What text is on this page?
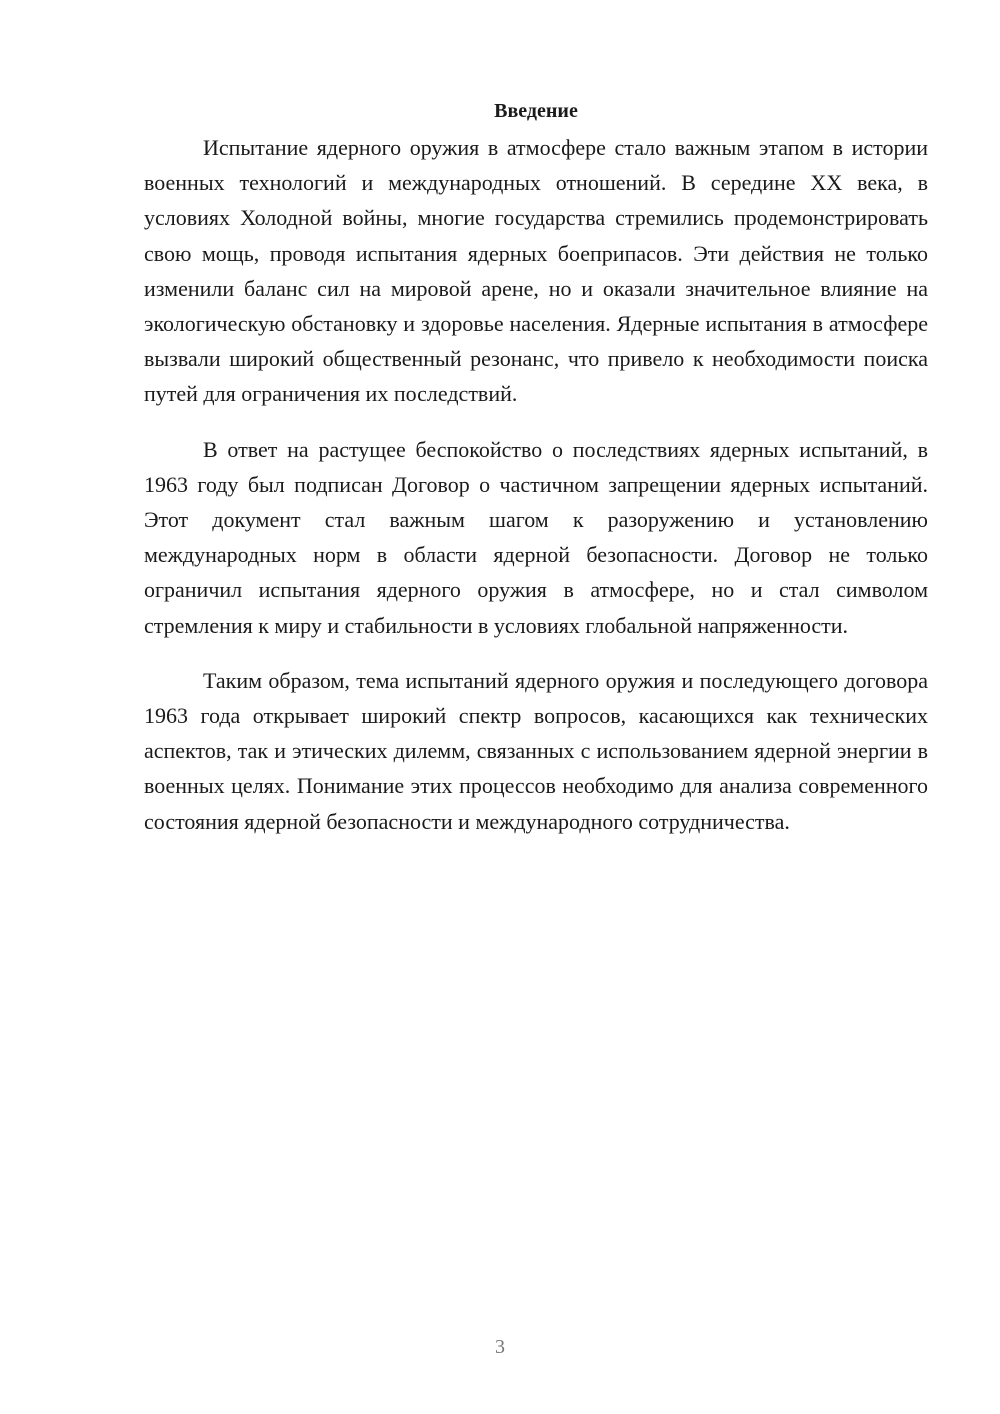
Введение

Испытание ядерного оружия в атмосфере стало важным этапом в истории военных технологий и международных отношений. В середине XX века, в условиях Холодной войны, многие государства стремились продемонстрировать свою мощь, проводя испытания ядерных боеприпасов. Эти действия не только изменили баланс сил на мировой арене, но и оказали значительное влияние на экологическую обстановку и здоровье населения. Ядерные испытания в атмосфере вызвали широкий общественный резонанс, что привело к необходимости поиска путей для ограничения их последствий.

В ответ на растущее беспокойство о последствиях ядерных испытаний, в 1963 году был подписан Договор о частичном запрещении ядерных испытаний. Этот документ стал важным шагом к разоружению и установлению международных норм в области ядерной безопасности. Договор не только ограничил испытания ядерного оружия в атмосфере, но и стал символом стремления к миру и стабильности в условиях глобальной напряженности.

Таким образом, тема испытаний ядерного оружия и последующего договора 1963 года открывает широкий спектр вопросов, касающихся как технических аспектов, так и этических дилемм, связанных с использованием ядерной энергии в военных целях. Понимание этих процессов необходимо для анализа современного состояния ядерной безопасности и международного сотрудничества.

3
